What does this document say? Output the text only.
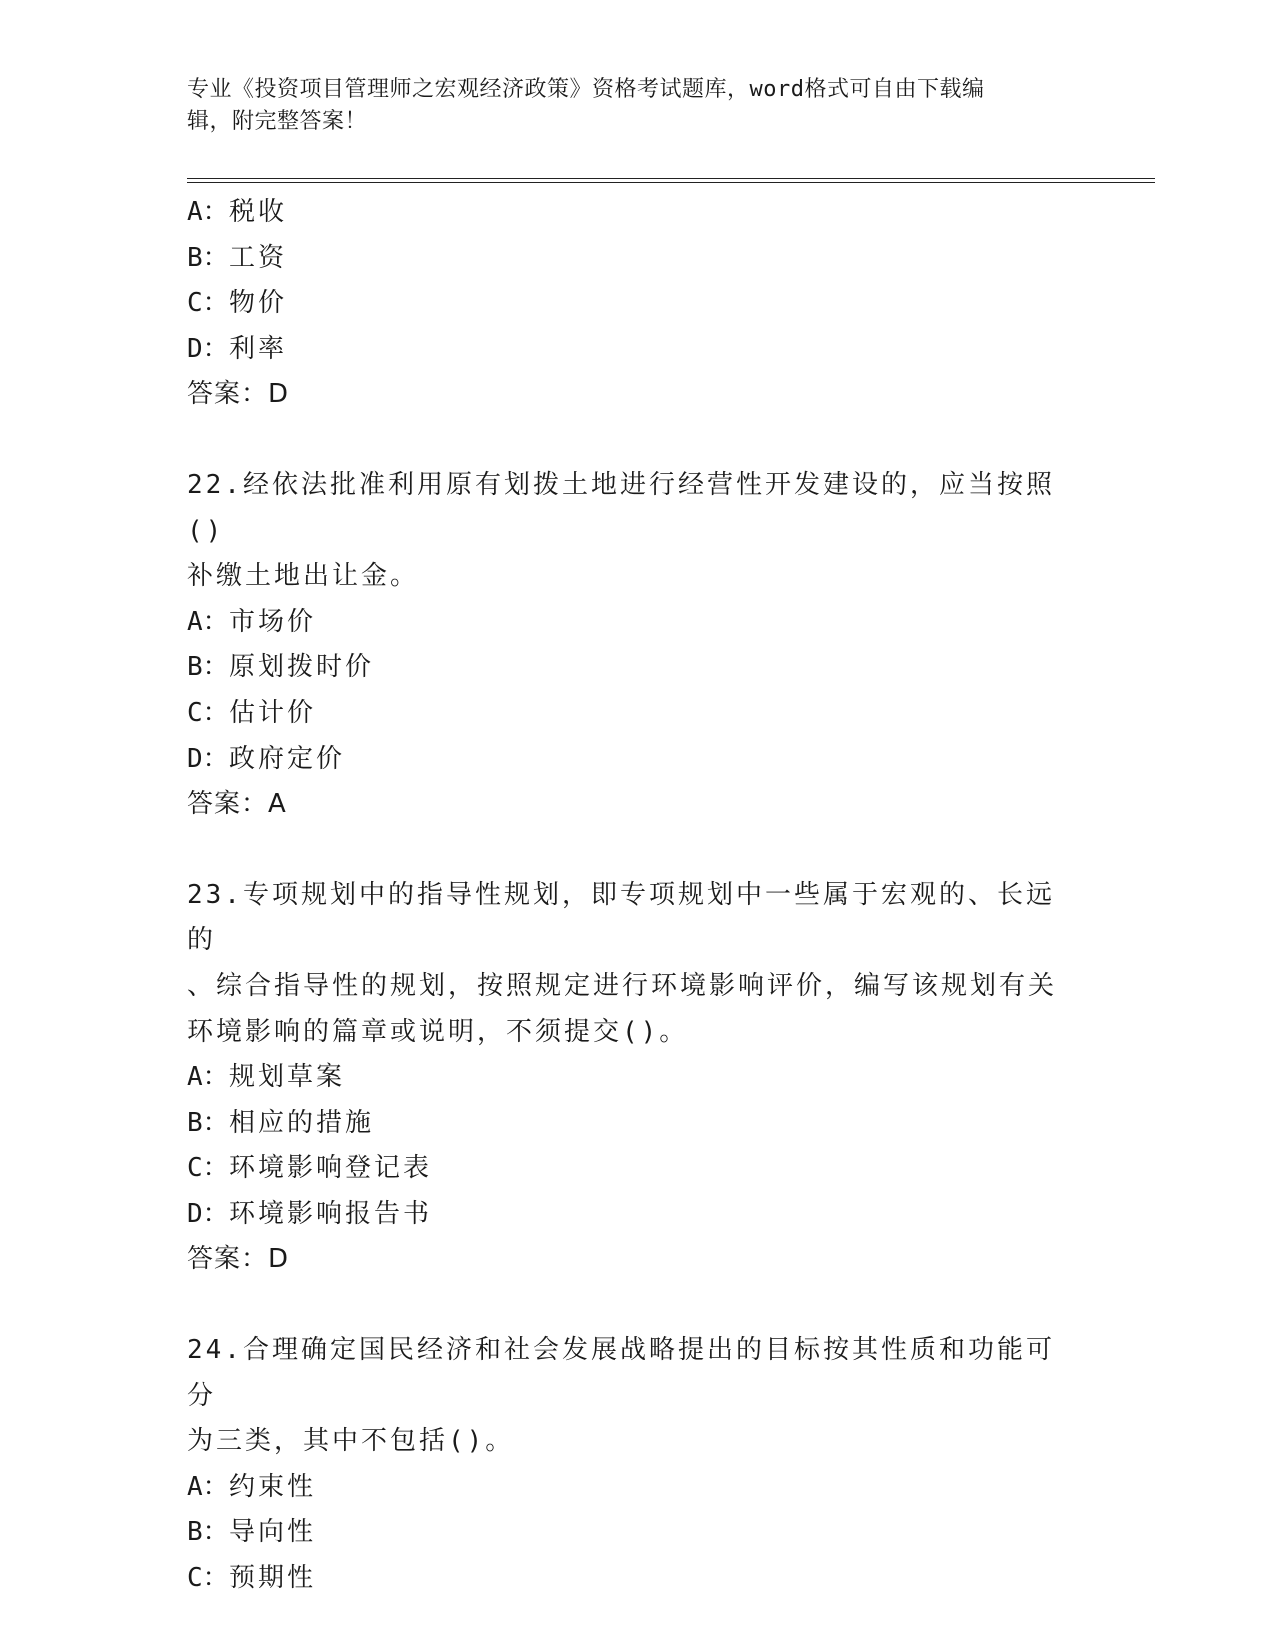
专业《投资项目管理师之宏观经济政策》资格考试题库，word格式可自由下载编
辑，附完整答案！
A：税收
B：工资
C：物价
D：利率
答案：D
22.经依法批准利用原有划拨土地进行经营性开发建设的，应当按照()
补缴土地出让金。
A：市场价
B：原划拨时价
C：估计价
D：政府定价
答案：A
23.专项规划中的指导性规划，即专项规划中一些属于宏观的、长远的
、综合指导性的规划，按照规定进行环境影响评价，编写该规划有关
环境影响的篇章或说明，不须提交()。
A：规划草案
B：相应的措施
C：环境影响登记表
D：环境影响报告书
答案：D
24.合理确定国民经济和社会发展战略提出的目标按其性质和功能可分
为三类，其中不包括()。
A：约束性
B：导向性
C：预期性
